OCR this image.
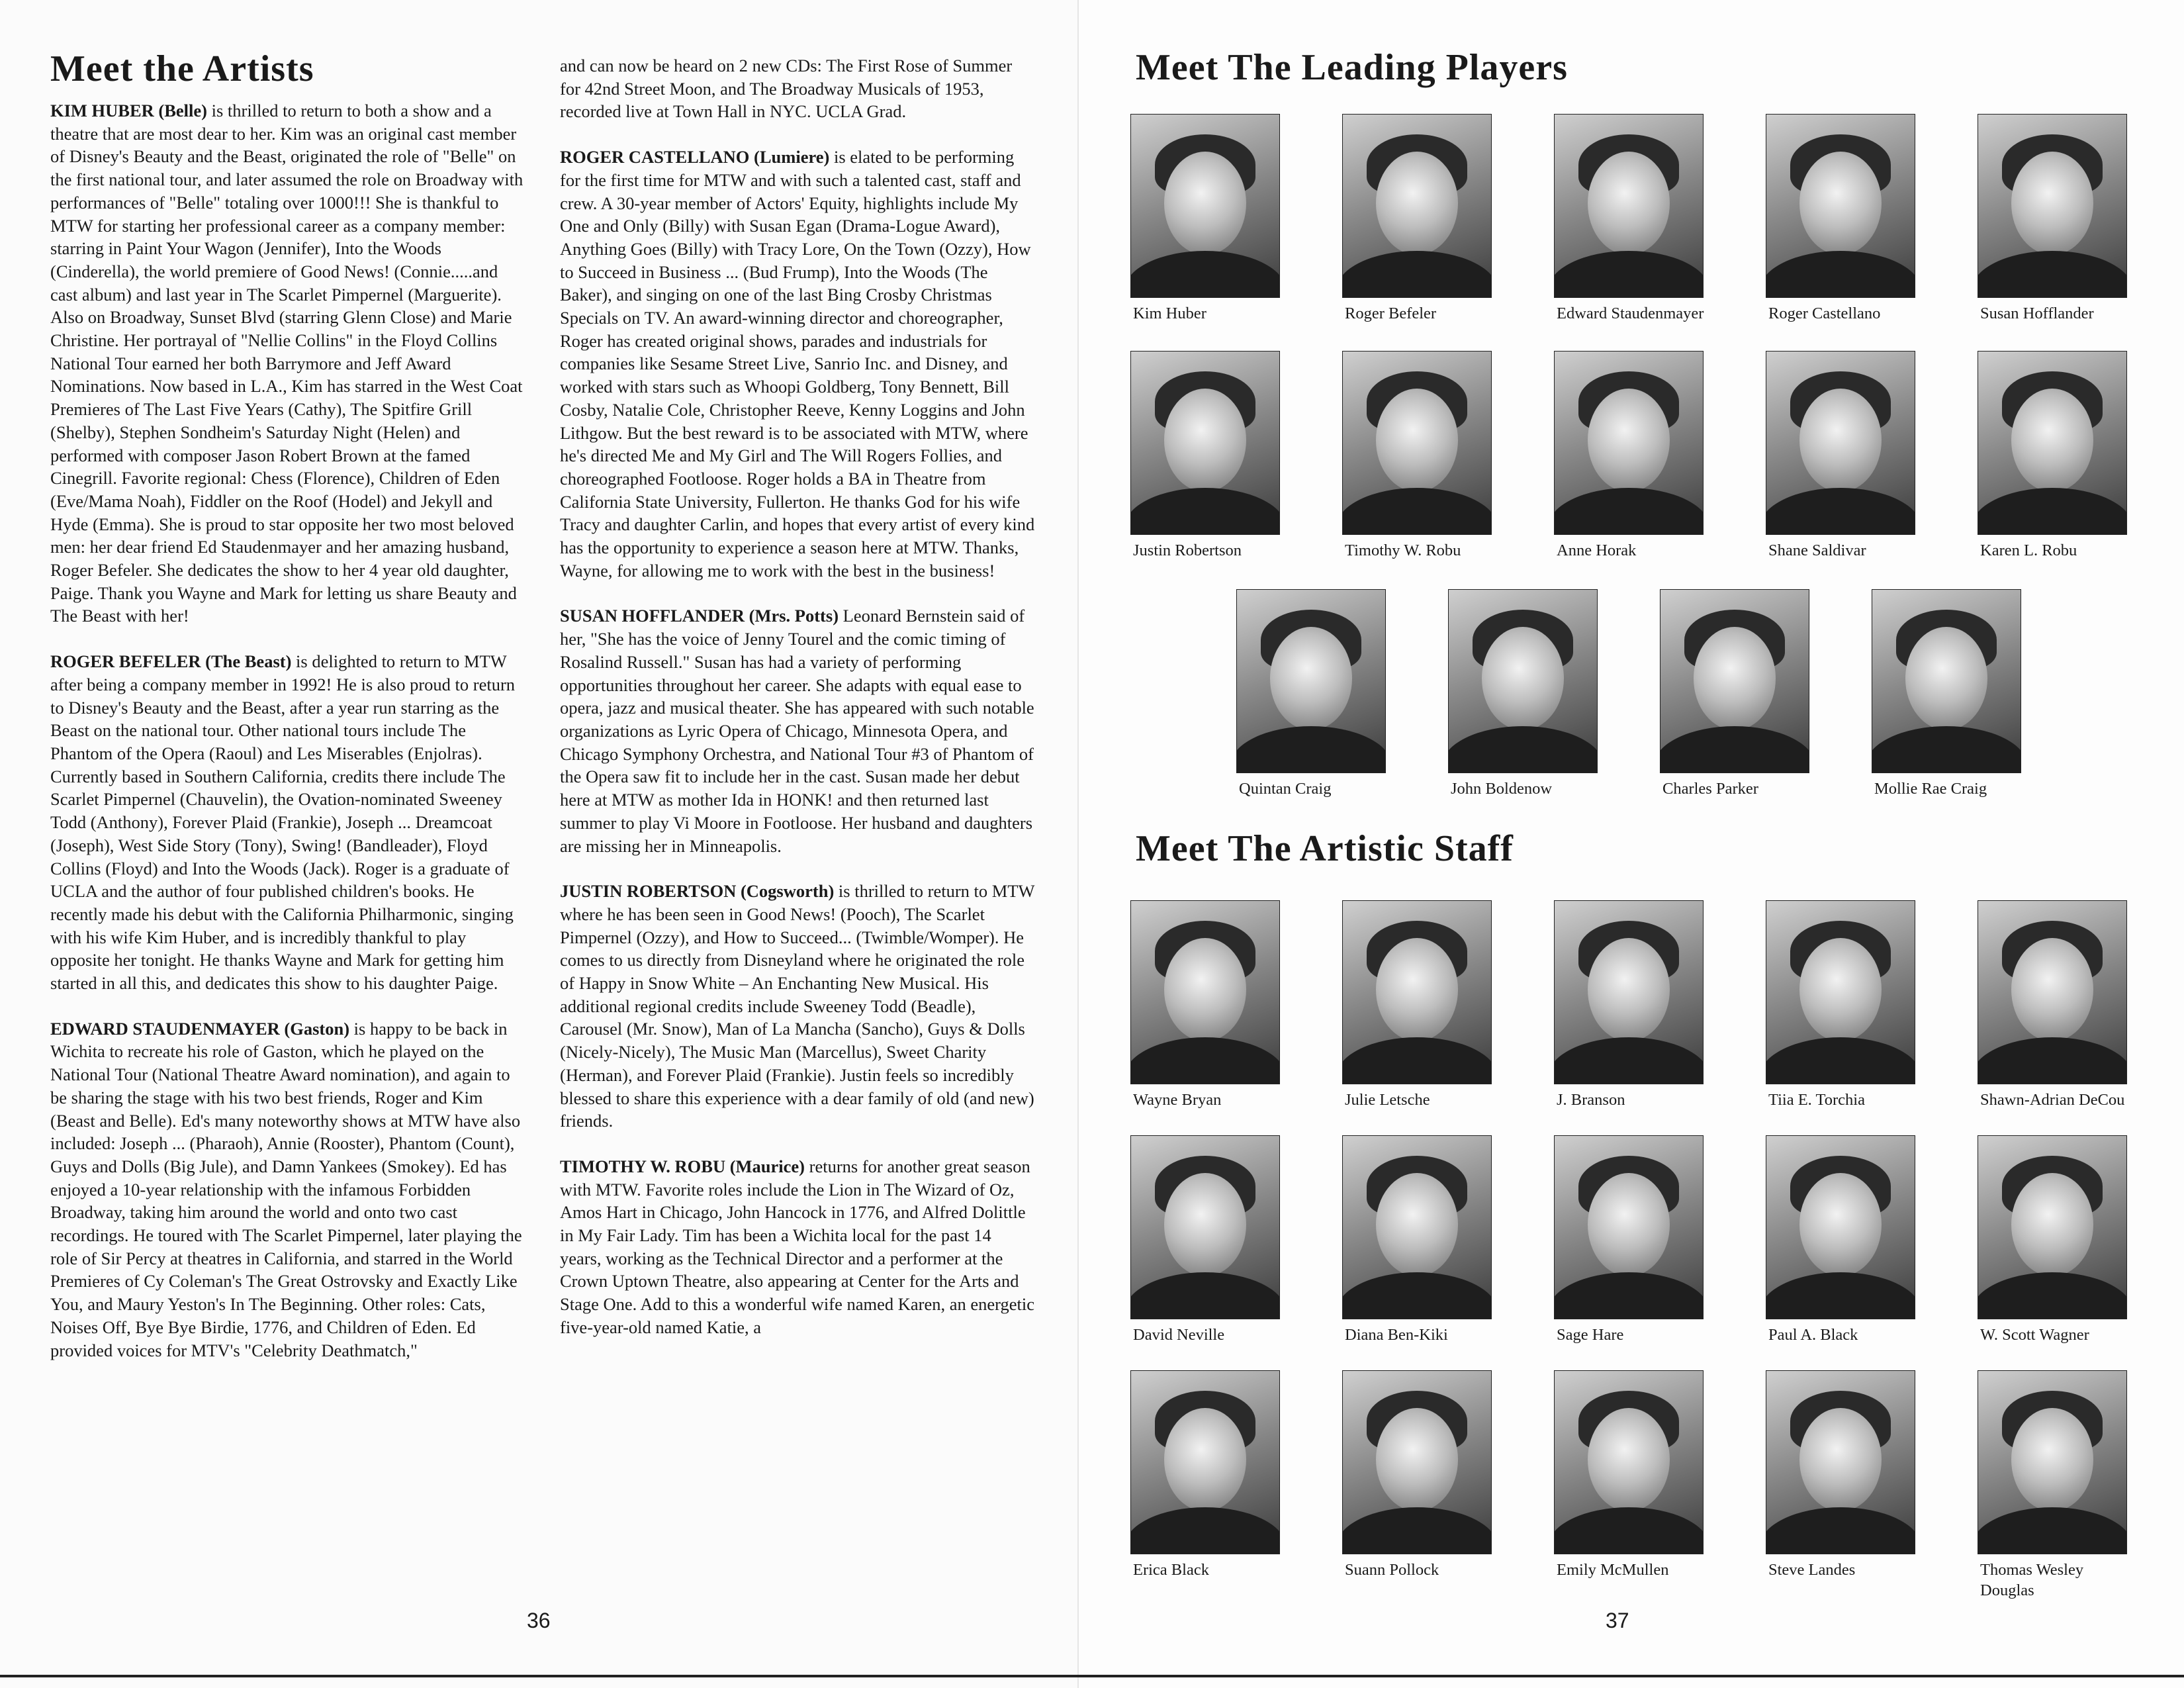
Meet the Artists

KIM HUBER (Belle) is thrilled to return to both a show and a theatre that are most dear to her. Kim was an original cast member of Disney's Beauty and the Beast, originated the role of "Belle" on the first national tour, and later assumed the role on Broadway with performances of "Belle" totaling over 1000!!! She is thankful to MTW for starting her professional career as a company member: starring in Paint Your Wagon (Jennifer), Into the Woods (Cinderella), the world premiere of Good News! (Connie.....and cast album) and last year in The Scarlet Pimpernel (Marguerite). Also on Broadway, Sunset Blvd (starring Glenn Close) and Marie Christine. Her portrayal of "Nellie Collins" in the Floyd Collins National Tour earned her both Barrymore and Jeff Award Nominations. Now based in L.A., Kim has starred in the West Coat Premieres of The Last Five Years (Cathy), The Spitfire Grill (Shelby), Stephen Sondheim's Saturday Night (Helen) and performed with composer Jason Robert Brown at the famed Cinegrill. Favorite regional: Chess (Florence), Children of Eden (Eve/Mama Noah), Fiddler on the Roof (Hodel) and Jekyll and Hyde (Emma). She is proud to star opposite her two most beloved men: her dear friend Ed Staudenmayer and her amazing husband, Roger Befeler. She dedicates the show to her 4 year old daughter, Paige. Thank you Wayne and Mark for letting us share Beauty and The Beast with her!

ROGER BEFELER (The Beast) is delighted to return to MTW after being a company member in 1992! He is also proud to return to Disney's Beauty and the Beast, after a year run starring as the Beast on the national tour. Other national tours include The Phantom of the Opera (Raoul) and Les Miserables (Enjolras). Currently based in Southern California, credits there include The Scarlet Pimpernel (Chauvelin), the Ovation-nominated Sweeney Todd (Anthony), Forever Plaid (Frankie), Joseph ... Dreamcoat (Joseph), West Side Story (Tony), Swing! (Bandleader), Floyd Collins (Floyd) and Into the Woods (Jack). Roger is a graduate of UCLA and the author of four published children's books. He recently made his debut with the California Philharmonic, singing with his wife Kim Huber, and is incredibly thankful to play opposite her tonight. He thanks Wayne and Mark for getting him started in all this, and dedicates this show to his daughter Paige.

EDWARD STAUDENMAYER (Gaston) is happy to be back in Wichita to recreate his role of Gaston, which he played on the National Tour (National Theatre Award nomination), and again to be sharing the stage with his two best friends, Roger and Kim (Beast and Belle). Ed's many noteworthy shows at MTW have also included: Joseph ... (Pharaoh), Annie (Rooster), Phantom (Count), Guys and Dolls (Big Jule), and Damn Yankees (Smokey). Ed has enjoyed a 10-year relationship with the infamous Forbidden Broadway, taking him around the world and onto two cast recordings. He toured with The Scarlet Pimpernel, later playing the role of Sir Percy at theatres in California, and starred in the World Premieres of Cy Coleman's The Great Ostrovsky and Exactly Like You, and Maury Yeston's In The Beginning. Other roles: Cats, Noises Off, Bye Bye Birdie, 1776, and Children of Eden. Ed provided voices for MTV's "Celebrity Deathmatch,"

and can now be heard on 2 new CDs: The First Rose of Summer for 42nd Street Moon, and The Broadway Musicals of 1953, recorded live at Town Hall in NYC. UCLA Grad.

ROGER CASTELLANO (Lumiere) is elated to be performing for the first time for MTW and with such a talented cast, staff and crew. A 30-year member of Actors' Equity, highlights include My One and Only (Billy) with Susan Egan (Drama-Logue Award), Anything Goes (Billy) with Tracy Lore, On the Town (Ozzy), How to Succeed in Business ... (Bud Frump), Into the Woods (The Baker), and singing on one of the last Bing Crosby Christmas Specials on TV. An award-winning director and choreographer, Roger has created original shows, parades and industrials for companies like Sesame Street Live, Sanrio Inc. and Disney, and worked with stars such as Whoopi Goldberg, Tony Bennett, Bill Cosby, Natalie Cole, Christopher Reeve, Kenny Loggins and John Lithgow. But the best reward is to be associated with MTW, where he's directed Me and My Girl and The Will Rogers Follies, and choreographed Footloose. Roger holds a BA in Theatre from California State University, Fullerton. He thanks God for his wife Tracy and daughter Carlin, and hopes that every artist of every kind has the opportunity to experience a season here at MTW. Thanks, Wayne, for allowing me to work with the best in the business!

SUSAN HOFFLANDER (Mrs. Potts) Leonard Bernstein said of her, "She has the voice of Jenny Tourel and the comic timing of Rosalind Russell." Susan has had a variety of performing opportunities throughout her career. She adapts with equal ease to opera, jazz and musical theater. She has appeared with such notable organizations as Lyric Opera of Chicago, Minnesota Opera, and Chicago Symphony Orchestra, and National Tour #3 of Phantom of the Opera saw fit to include her in the cast. Susan made her debut here at MTW as mother Ida in HONK! and then returned last summer to play Vi Moore in Footloose. Her husband and daughters are missing her in Minneapolis.

JUSTIN ROBERTSON (Cogsworth) is thrilled to return to MTW where he has been seen in Good News! (Pooch), The Scarlet Pimpernel (Ozzy), and How to Succeed... (Twimble/Womper). He comes to us directly from Disneyland where he originated the role of Happy in Snow White – An Enchanting New Musical. His additional regional credits include Sweeney Todd (Beadle), Carousel (Mr. Snow), Man of La Mancha (Sancho), Guys & Dolls (Nicely-Nicely), The Music Man (Marcellus), Sweet Charity (Herman), and Forever Plaid (Frankie). Justin feels so incredibly blessed to share this experience with a dear family of old (and new) friends.

TIMOTHY W. ROBU (Maurice) returns for another great season with MTW. Favorite roles include the Lion in The Wizard of Oz, Amos Hart in Chicago, John Hancock in 1776, and Alfred Dolittle in My Fair Lady. Tim has been a Wichita local for the past 14 years, working as the Technical Director and a performer at the Crown Uptown Theatre, also appearing at Center for the Arts and Stage One. Add to this a wonderful wife named Karen, an energetic five-year-old named Katie, a

36
Meet The Leading Players
Meet The Artistic Staff
Kim Huber	Roger Befeler	Edward Staudenmayer	Roger Castellano	Susan Hofflander
Justin Robertson	Timothy W. Robu	Anne Horak	Shane Saldivar	Karen L. Robu
Quintan Craig	John Boldenow	Charles Parker	Mollie Rae Craig
Wayne Bryan	Julie Letsche	J. Branson	Tiia E. Torchia	Shawn-Adrian DeCou
David Neville	Diana Ben-Kiki	Sage Hare	Paul A. Black	W. Scott Wagner
Erica Black	Suann Pollock	Emily McMullen	Steve Landes	Thomas Wesley Douglas
37
